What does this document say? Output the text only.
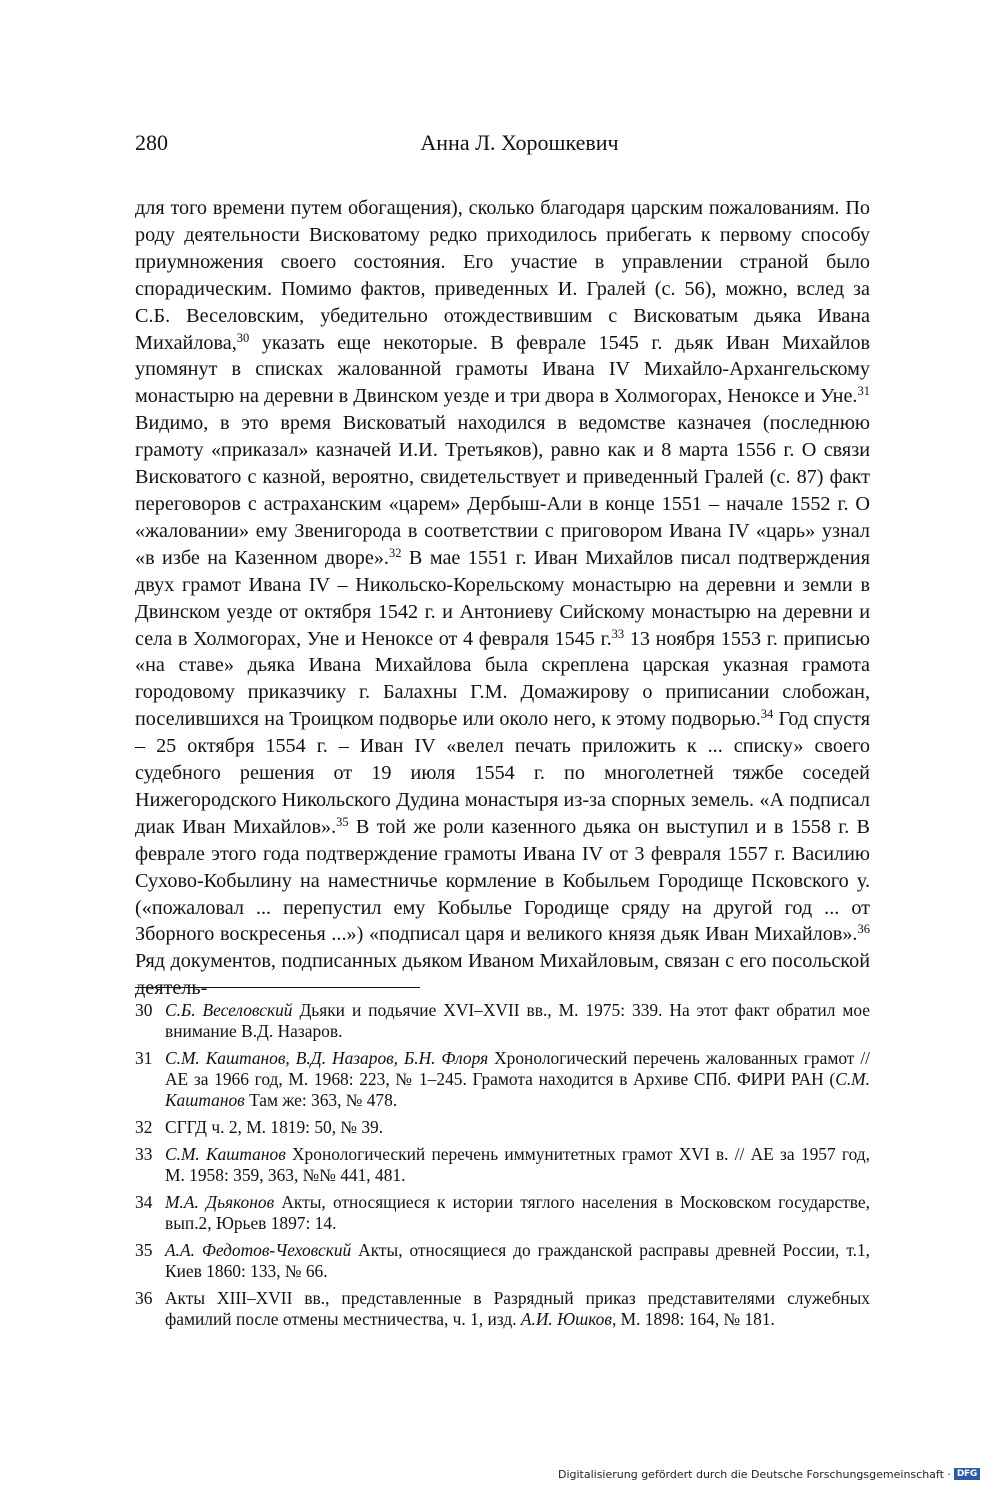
280	Анна Л. Хорошкевич

для того времени путем обогащения), сколько благодаря царским пожалованиям. По роду деятельности Висковатому редко приходилось прибегать к первому способу приумножения своего состояния. Его участие в управлении страной было спорадическим. Помимо фактов, приведенных И. Гралей (с. 56), можно, вслед за С.Б. Веселовским, убедительно отождествившим с Висковатым дьяка Ивана Михайлова,$^{30}$ указать еще некоторые. В феврале 1545 г. дьяк Иван Михайлов упомянут в списках жалованной грамоты Ивана IV Михайло-Архангельскому монастырю на деревни в Двинском уезде и три двора в Холмогорах, Неноксе и Уне.$^{31}$ Видимо, в это время Висковатый находился в ведомстве казначея (последнюю грамоту «приказал» казначей И.И. Третьяков), равно как и 8 марта 1556 г. О связи Висковатого с казной, вероятно, свидетельствует и приведенный Гралей (с. 87) факт переговоров с астраханским «царем» Дербыш-Али в конце 1551 – начале 1552 г. О «жаловании» ему Звенигорода в соответствии с приговором Ивана IV «царь» узнал «в избе на Казенном дворе».$^{32}$ В мае 1551 г. Иван Михайлов писал подтверждения двух грамот Ивана IV – Никольско-Корельскому монастырю на деревни и земли в Двинском уезде от октября 1542 г. и Антониеву Сийскому монастырю на деревни и села в Холмогорах, Уне и Неноксе от 4 февраля 1545 г.$^{33}$ 13 ноября 1553 г. приписью «на ставе» дьяка Ивана Михайлова была скреплена царская указная грамота городовому приказчику г. Балахны Г.М. Домажирову о приписании слобожан, поселившихся на Троицком подворье или около него, к этому подворью.$^{34}$ Год спустя – 25 октября 1554 г. – Иван IV «велел печать приложить к ... списку» своего судебного решения от 19 июля 1554 г. по многолетней тяжбе соседей Нижегородского Никольского Дудина монастыря из-за спорных земель. «А подписал диак Иван Михайлов».$^{35}$ В той же роли казенного дьяка он выступил и в 1558 г. В феврале этого года подтверждение грамоты Ивана IV от 3 февраля 1557 г. Василию Сухово-Кобылину на наместничье кормление в Кобыльем Городище Псковского у. («пожаловал ... перепустил ему Кобылье Городище сряду на другой год ... от Зборного воскресенья ...») «подписал царя и великого князя дьяк Иван Михайлов».$^{36}$ Ряд документов, подписанных дьяком Иваном Михайловым, связан с его посольской деятель-

30 С.Б. Веселовский Дьяки и подьячие XVI–XVII вв., М. 1975: 339. На этот факт обратил мое внимание В.Д. Назаров.
31 С.М. Каштанов, В.Д. Назаров, Б.Н. Флоря Хронологический перечень жалованных грамот // АЕ за 1966 год, М. 1968: 223, № 1–245. Грамота находится в Архиве СПб. ФИРИ РАН (С.М. Каштанов Там же: 363, № 478.
32 СГГД ч. 2, М. 1819: 50, № 39.
33 С.М. Каштанов Хронологический перечень иммунитетных грамот XVI в. // АЕ за 1957 год, М. 1958: 359, 363, №№ 441, 481.
34 М.А. Дьяконов Акты, относящиеся к истории тяглого населения в Московском государстве, вып.2, Юрьев 1897: 14.
35 А.А. Федотов-Чеховский Акты, относящиеся до гражданской расправы древней России, т.1, Киев 1860: 133, № 66.
36 Акты XIII–XVII вв., представленные в Разрядный приказ представителями служебных фамилий после отмены местничества, ч. 1, изд. А.И. Юшков, М. 1898: 164, № 181.
Digitalisierung gefördert durch die Deutsche Forschungsgemeinschaft · DFG
